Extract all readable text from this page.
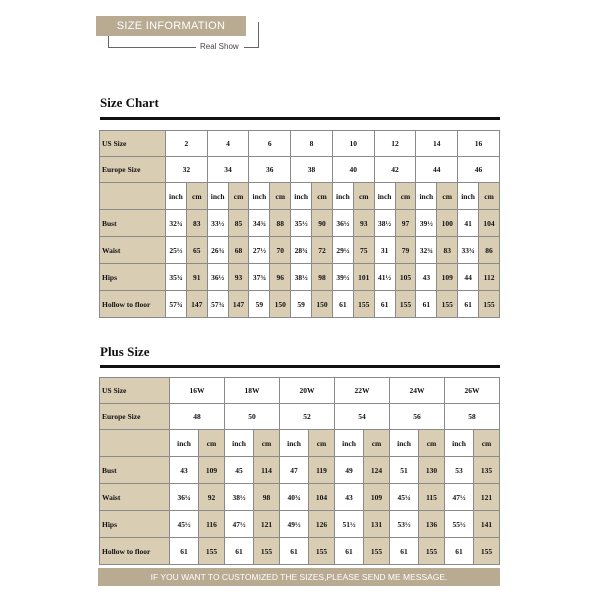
SIZE INFORMATION
Real Show
Size Chart
US Size	2		4		6		8		10		12		14		16	
Europe Size	32		34		36		38		40		42		44		46	
	inch	cm	inch	cm	inch	cm	inch	cm	inch	cm	inch	cm	inch	cm	inch	cm
Bust	32¾	83	33½	85	34¾	88	35½	90	36½	93	38½	97	39½	100	41	104
Waist	25½	65	26¾	68	27½	70	28¾	72	29½	75	31	79	32¾	83	33¾	86
Hips	35¾	91	36½	93	37¾	96	38½	98	39½	101	41½	105	43	109	44	112
Hollow to floor	57¾	147	57¾	147	59	150	59	150	61	155	61	155	61	155	61	155
Plus Size
US Size	16W		18W		20W		22W		24W		26W	
Europe Size	48		50		52		54		56		58	
	inch	cm	inch	cm	inch	cm	inch	cm	inch	cm	inch	cm
Bust	43	109	45	114	47	119	49	124	51	130	53	135
Waist	36¼	92	38½	98	40¾	104	43	109	45¼	115	47½	121
Hips	45½	116	47½	121	49½	126	51½	131	53½	136	55½	141
Hollow to floor	61	155	61	155	61	155	61	155	61	155	61	155
IF YOU WANT TO CUSTOMIZED THE SIZES,PLEASE SEND ME MESSAGE.
